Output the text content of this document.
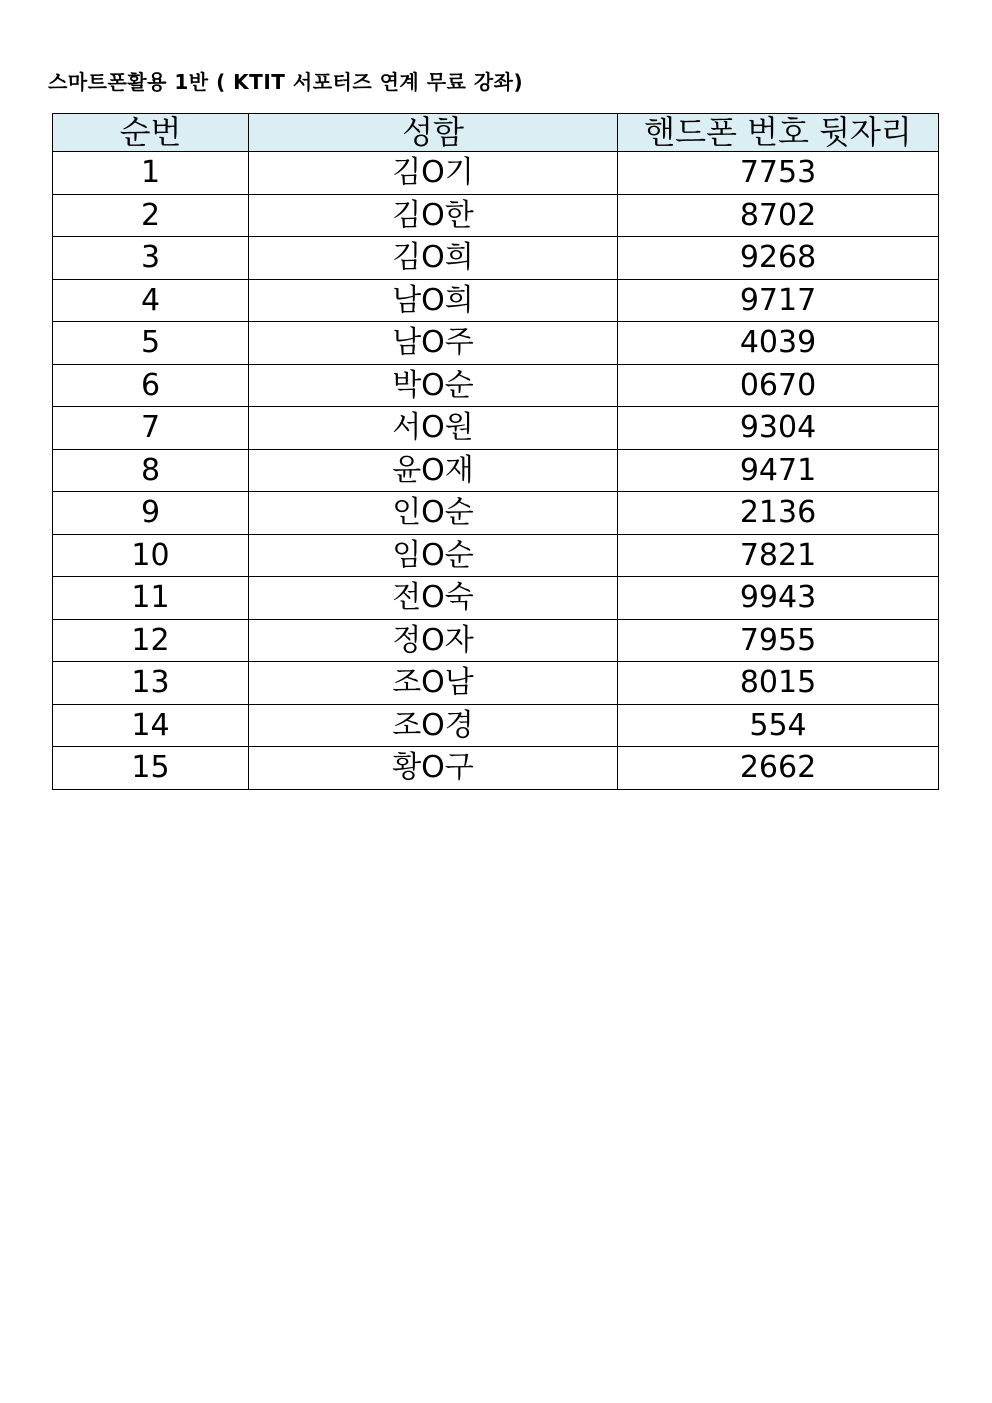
스마트폰활용 1반 ( KTIT 서포터즈 연계 무료 강좌)
순번	성함	핸드폰 번호 뒷자리
1	김O기	7753
2	김O한	8702
3	김O희	9268
4	남O희	9717
5	남O주	4039
6	박O순	0670
7	서O원	9304
8	윤O재	9471
9	인O순	2136
10	임O순	7821
11	전O숙	9943
12	정O자	7955
13	조O남	8015
14	조O경	554
15	황O구	2662
